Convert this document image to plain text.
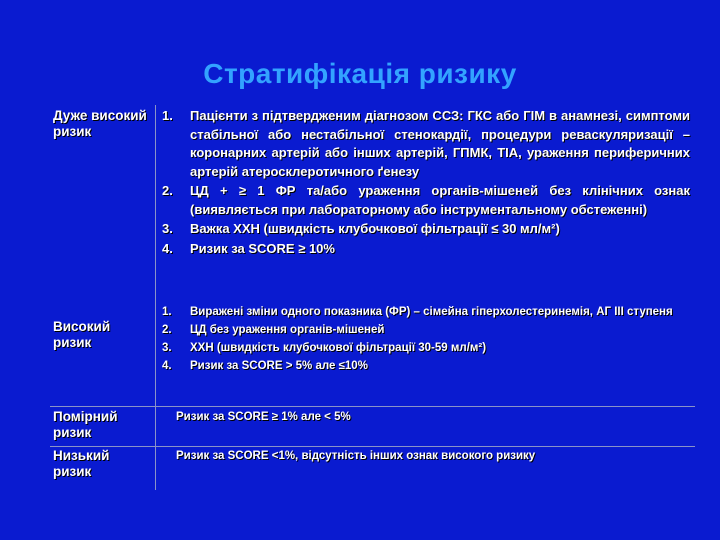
Стратифікація ризику
Дуже високий ризик
1. Пацієнти з підтвердженим діагнозом ССЗ: ГКС або ГІМ в анамнезі, симптоми стабільної або нестабільної стенокардії, процедури реваскуляризації – коронарних артерій або інших артерій, ГПМК, ТІА, ураження периферичних артерій атеросклеротичного ґенезу
2. ЦД + ≥ 1 ФР та/або ураження органів-мішеней без клінічних ознак (виявляється при лабораторному або інструментальному обстеженні)
3. Важка ХХН (швидкість клубочкової фільтрації ≤ 30 мл/м²)
4. Ризик за SCORE ≥ 10%
Високий ризик
1. Виражені зміни одного показника (ФР) – сімейна гіперхолестеринемія, АГ ІІІ ступеня
2. ЦД без ураження органів-мішеней
3. ХХН (швидкість клубочкової фільтрації 30-59 мл/м²)
4. Ризик за SCORE > 5% але ≤10%
Помірний ризик
Ризик за SCORE ≥ 1% але < 5%
Низький ризик
Ризик за SCORE <1%, відсутність інших ознак високого ризику
